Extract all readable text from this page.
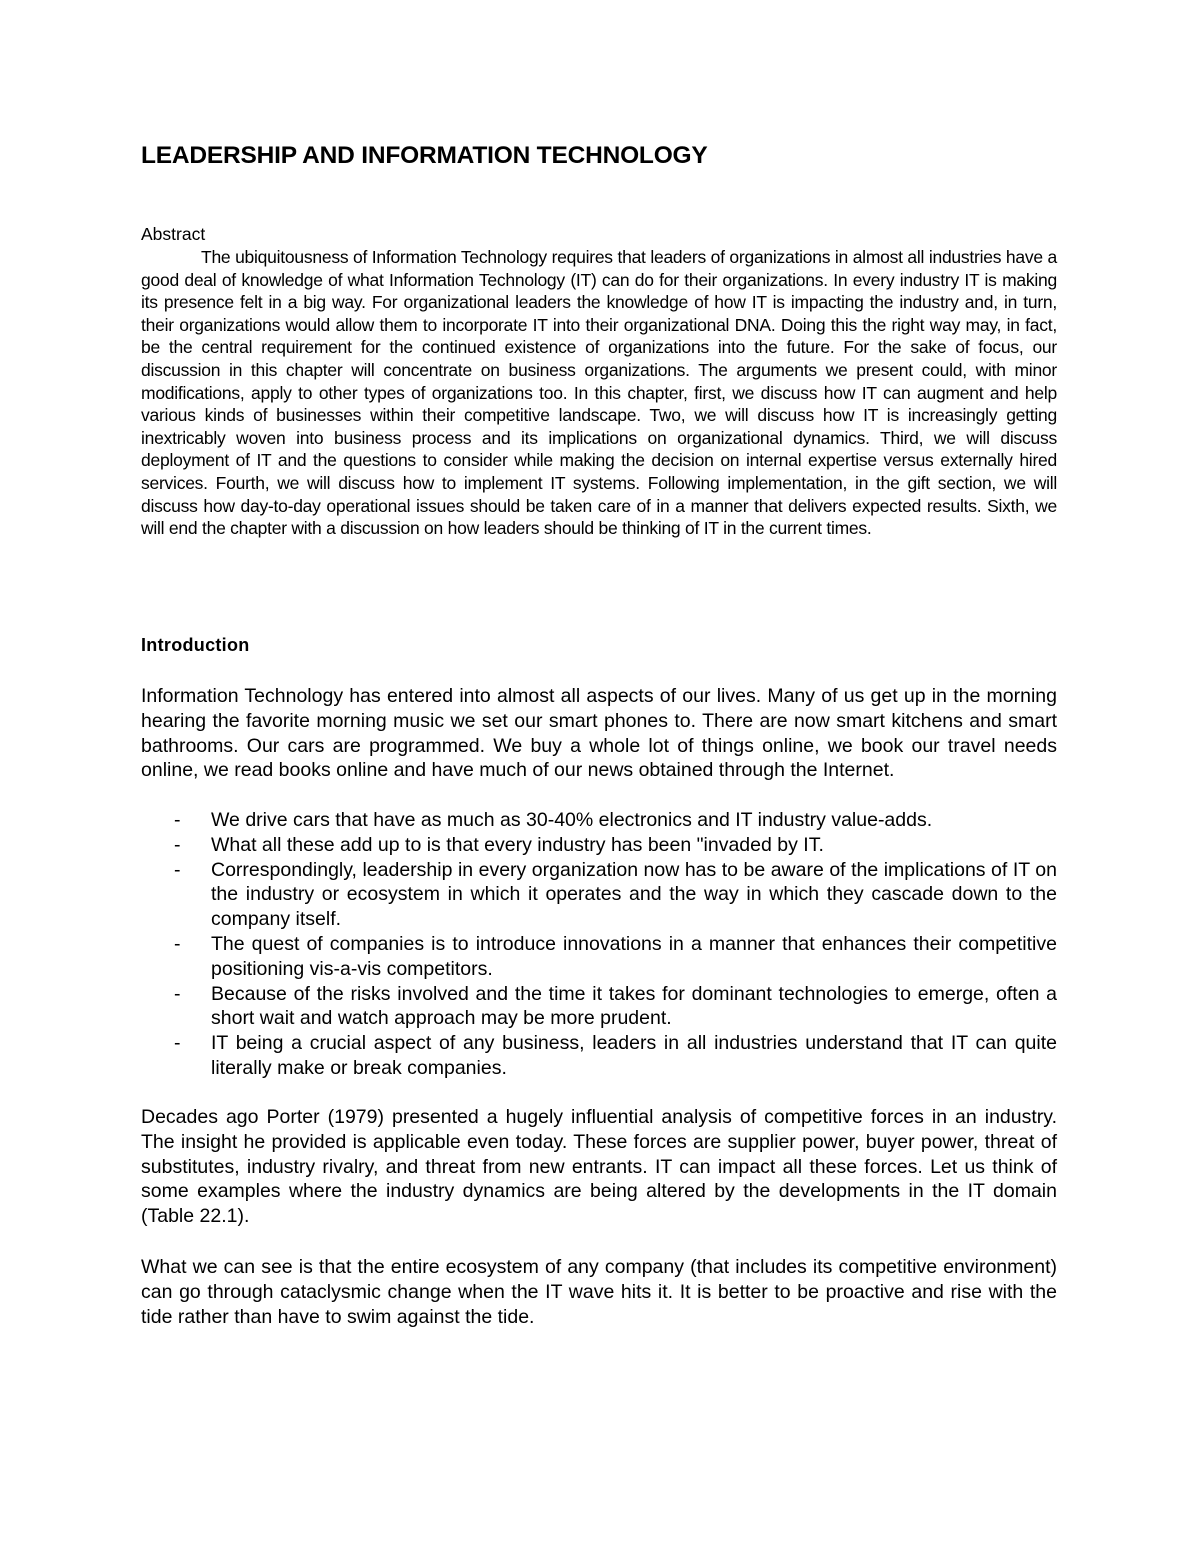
LEADERSHIP AND INFORMATION TECHNOLOGY
Abstract

The ubiquitousness of Information Technology requires that leaders of organizations in almost all industries have a good deal of knowledge of what Information Technology (IT) can do for their organizations. In every industry IT is making its presence felt in a big way. For organizational leaders the knowledge of how IT is impacting the industry and, in turn, their organizations would allow them to incorporate IT into their organizational DNA. Doing this the right way may, in fact, be the central requirement for the continued existence of organizations into the future. For the sake of focus, our discussion in this chapter will concentrate on business organizations. The arguments we present could, with minor modifications, apply to other types of organizations too. In this chapter, first, we discuss how IT can augment and help various kinds of businesses within their competitive landscape. Two, we will discuss how IT is increasingly getting inextricably woven into business process and its implications on organizational dynamics. Third, we will discuss deployment of IT and the questions to consider while making the decision on internal expertise versus externally hired services. Fourth, we will discuss how to implement IT systems. Following implementation, in the gift section, we will discuss how day-to-day operational issues should be taken care of in a manner that delivers expected results. Sixth, we will end the chapter with a discussion on how leaders should be thinking of IT in the current times.

Introduction

Information Technology has entered into almost all aspects of our lives. Many of us get up in the morning hearing the favorite morning music we set our smart phones to. There are now smart kitchens and smart bathrooms. Our cars are programmed. We buy a whole lot of things online, we book our travel needs online, we read books online and have much of our news obtained through the Internet.

- We drive cars that have as much as 30-40% electronics and IT industry value-adds.
- What all these add up to is that every industry has been "invaded by IT.
- Correspondingly, leadership in every organization now has to be aware of the implications of IT on the industry or ecosystem in which it operates and the way in which they cascade down to the company itself.
- The quest of companies is to introduce innovations in a manner that enhances their competitive positioning vis-a-vis competitors.
- Because of the risks involved and the time it takes for dominant technologies to emerge, often a short wait and watch approach may be more prudent.
- IT being a crucial aspect of any business, leaders in all industries understand that IT can quite literally make or break companies.

Decades ago Porter (1979) presented a hugely influential analysis of competitive forces in an industry. The insight he provided is applicable even today. These forces are supplier power, buyer power, threat of substitutes, industry rivalry, and threat from new entrants. IT can impact all these forces. Let us think of some examples where the industry dynamics are being altered by the developments in the IT domain (Table 22.1).

What we can see is that the entire ecosystem of any company (that includes its competitive environment) can go through cataclysmic change when the IT wave hits it. It is better to be proactive and rise with the tide rather than have to swim against the tide.
